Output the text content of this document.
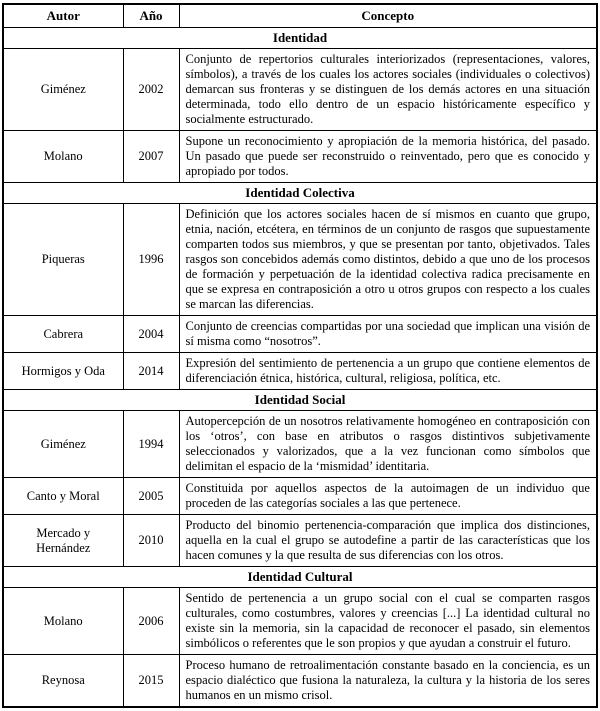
Autor	Año	Concepto
Identidad		
Giménez	2002	Conjunto de repertorios culturales interiorizados (representaciones, valores, símbolos), a través de los cuales los actores sociales (individuales o colectivos) demarcan sus fronteras y se distinguen de los demás actores en una situación determinada, todo ello dentro de un espacio históricamente específico y socialmente estructurado.
Molano	2007	Supone un reconocimiento y apropiación de la memoria histórica, del pasado. Un pasado que puede ser reconstruido o reinventado, pero que es conocido y apropiado por todos.
Identidad Colectiva		
Piqueras	1996	Definición que los actores sociales hacen de sí mismos en cuanto que grupo, etnia, nación, etcétera, en términos de un conjunto de rasgos que supuestamente comparten todos sus miembros, y que se presentan por tanto, objetivados. Tales rasgos son concebidos además como distintos, debido a que uno de los procesos de formación y perpetuación de la identidad colectiva radica precisamente en que se expresa en contraposición a otro u otros grupos con respecto a los cuales se marcan las diferencias.
Cabrera	2004	Conjunto de creencias compartidas por una sociedad que implican una visión de sí misma como “nosotros”.
Hormigos y Oda	2014	Expresión del sentimiento de pertenencia a un grupo que contiene elementos de diferenciación étnica, histórica, cultural, religiosa, política, etc.
Identidad Social		
Giménez	1994	Autopercepción de un nosotros relativamente homogéneo en contraposición con los ‘otros’, con base en atributos o rasgos distintivos subjetivamente seleccionados y valorizados, que a la vez funcionan como símbolos que delimitan el espacio de la ‘mismidad’ identitaria.
Canto y Moral	2005	Constituida por aquellos aspectos de la autoimagen de un individuo que proceden de las categorías sociales a las que pertenece.
Mercado y Hernández	2010	Producto del binomio pertenencia-comparación que implica dos distinciones, aquella en la cual el grupo se autodefine a partir de las características que los hacen comunes y la que resulta de sus diferencias con los otros.
Identidad Cultural		
Molano	2006	Sentido de pertenencia a un grupo social con el cual se comparten rasgos culturales, como costumbres, valores y creencias [...] La identidad cultural no existe sin la memoria, sin la capacidad de reconocer el pasado, sin elementos simbólicos o referentes que le son propios y que ayudan a construir el futuro.
Reynosa	2015	Proceso humano de retroalimentación constante basado en la conciencia, es un espacio dialéctico que fusiona la naturaleza, la cultura y la historia de los seres humanos en un mismo crisol.
